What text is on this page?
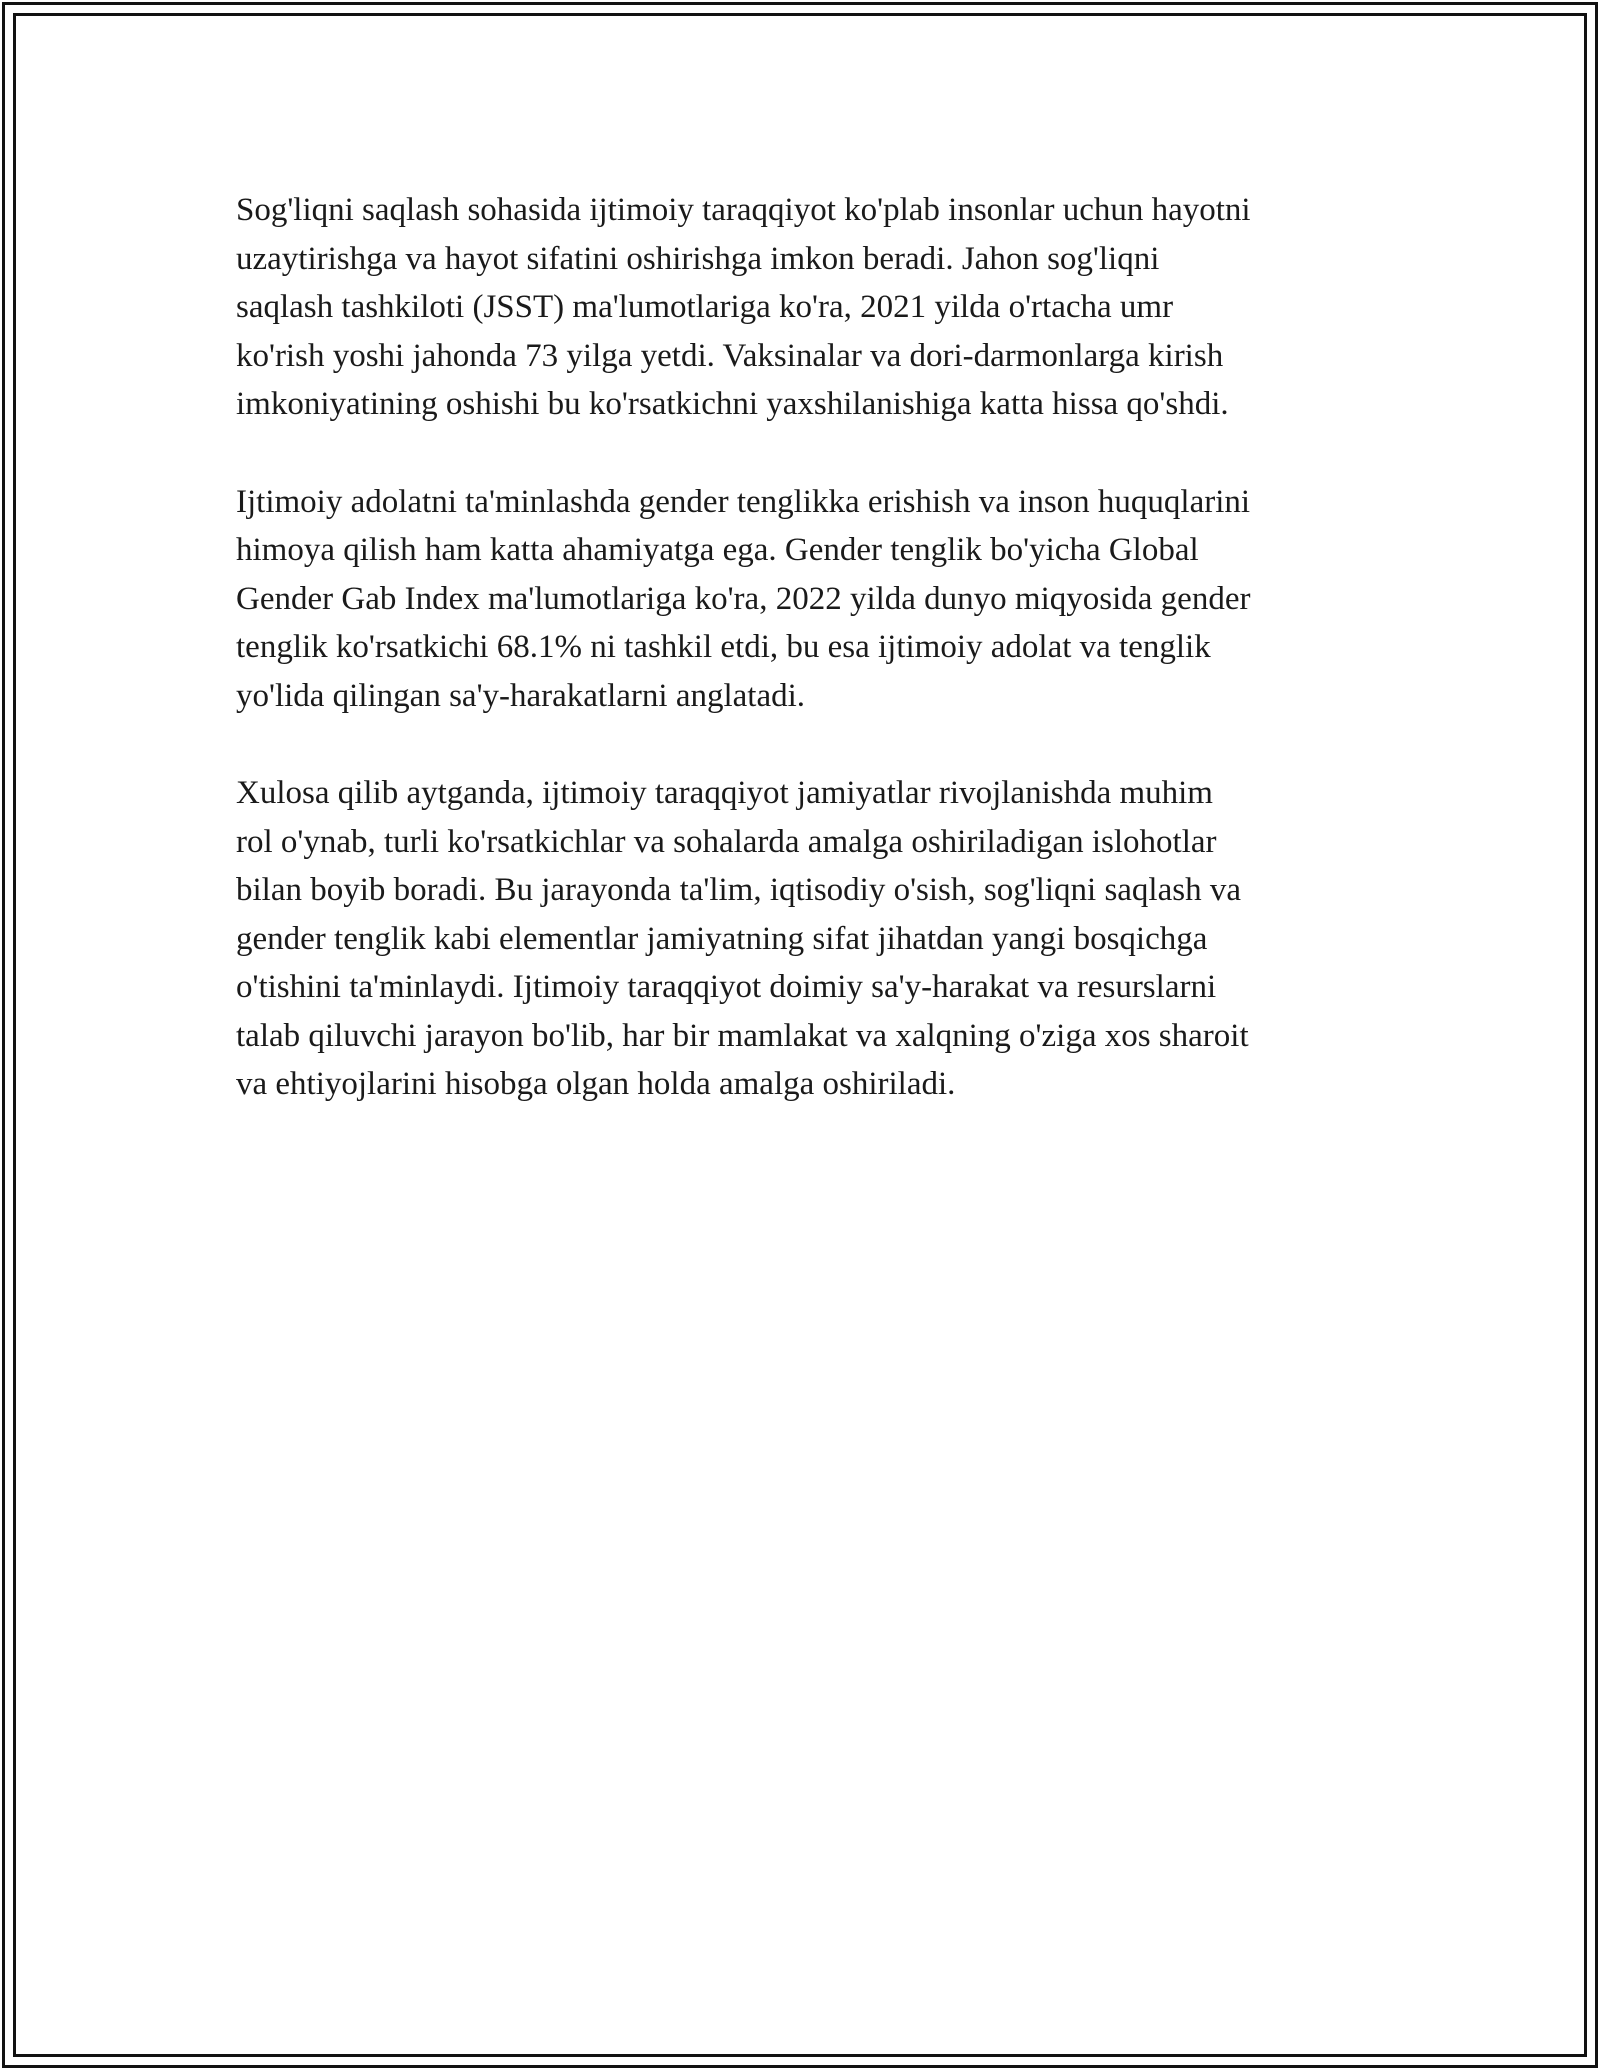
Sog'liqni saqlash sohasida ijtimoiy taraqqiyot ko'plab insonlar uchun hayotni
uzaytirishga va hayot sifatini oshirishga imkon beradi. Jahon sog'liqni
saqlash tashkiloti (JSST) ma'lumotlariga ko'ra, 2021 yilda o'rtacha umr
ko'rish yoshi jahonda 73 yilga yetdi. Vaksinalar va dori-darmonlarga kirish
imkoniyatining oshishi bu ko'rsatkichni yaxshilanishiga katta hissa qo'shdi.

Ijtimoiy adolatni ta'minlashda gender tenglikka erishish va inson huquqlarini
himoya qilish ham katta ahamiyatga ega. Gender tenglik bo'yicha Global
Gender Gab Index ma'lumotlariga ko'ra, 2022 yilda dunyo miqyosida gender
tenglik ko'rsatkichi 68.1% ni tashkil etdi, bu esa ijtimoiy adolat va tenglik
yo'lida qilingan sa'y-harakatlarni anglatadi.

Xulosa qilib aytganda, ijtimoiy taraqqiyot jamiyatlar rivojlanishda muhim
rol o'ynab, turli ko'rsatkichlar va sohalarda amalga oshiriladigan islohotlar
bilan boyib boradi. Bu jarayonda ta'lim, iqtisodiy o'sish, sog'liqni saqlash va
gender tenglik kabi elementlar jamiyatning sifat jihatdan yangi bosqichga
o'tishini ta'minlaydi. Ijtimoiy taraqqiyot doimiy sa'y-harakat va resurslarni
talab qiluvchi jarayon bo'lib, har bir mamlakat va xalqning o'ziga xos sharoit
va ehtiyojlarini hisobga olgan holda amalga oshiriladi.
